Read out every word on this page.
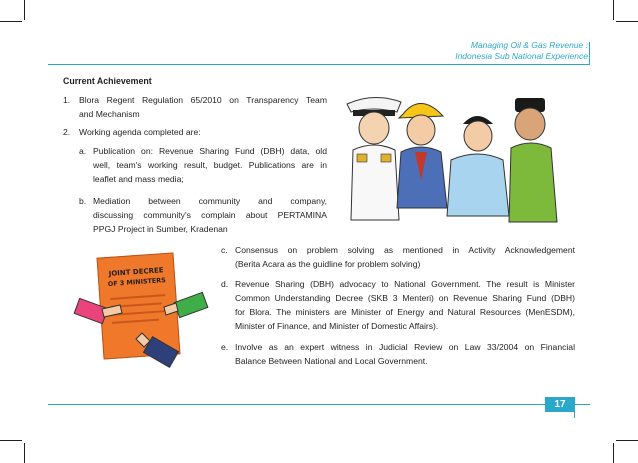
Managing Oil & Gas Revenue :
Indonesia Sub National Experience
Current Achievement
1. Blora Regent Regulation 65/2010 on Transparency Team
and Mechanism
2. Working agenda completed are:
a. Publication on: Revenue Sharing Fund (DBH) data, old
well, team's working result, budget. Publications are in
leaflet and mass media;
b. Mediation between community and company,
discussing community's complain about PERTAMINA
PPGJ Project in Sumber, Kradenan
c. Consensus on problem solving as mentioned in Activity Acknowledgement
(Berita Acara as the guidline for problem solving)
d. Revenue Sharing (DBH) advocacy to National Government. The result is Minister
Common Understanding Decree (SKB 3 Menteri) on Revenue Sharing Fund (DBH)
for Blora. The ministers are Minister of Energy and Natural Resources (MenESDM),
Minister of Finance, and Minister of Domestic Affairs).
e. Involve as an expert witness in Judicial Review on Law 33/2004 on Financial
Balance Between National and Local Government.
JOINT DECREE
OF 3 MINISTERS
17
